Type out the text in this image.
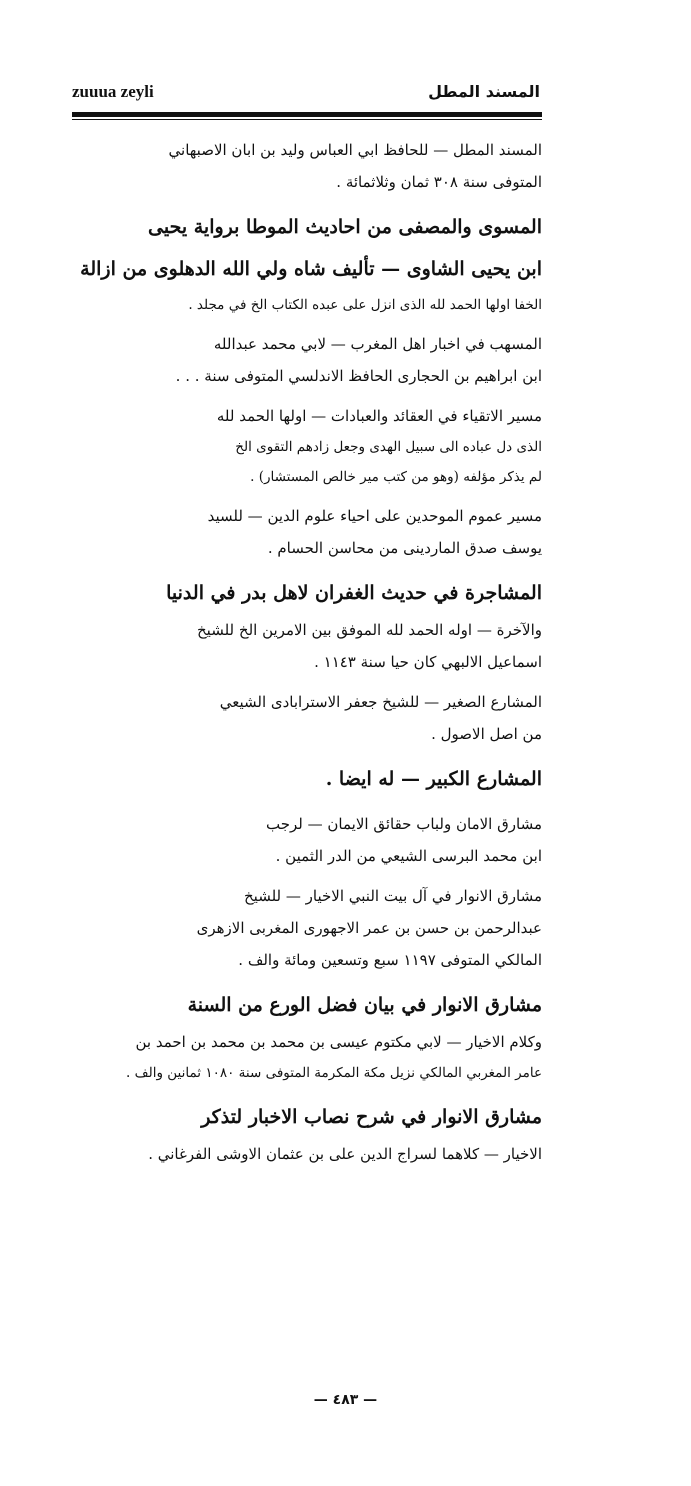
zuuua zeyli	المسند المطل
المسند المطل — للحافظ ابي العباس وليد بن ابان الاصبهاني
المتوفى سنة ٣٠٨ ثمان وثلاثمائة .
المسوى والمصفى من احاديث الموطا برواية يحيى
ابن يحيى الشاوى — تأليف شاه ولي الله الدهلوى من ازالة
الخفا اولها الحمد لله الذى انزل على عبده الكتاب الخ في مجلد .
المسهب في اخبار اهل المغرب — لابي محمد عبدالله
ابن ابراهيم بن الحجارى الحافظ الاندلسي المتوفى سنة . . .
مسير الاتقياء في العقائد والعبادات — اولها الحمد لله
الذى دل عباده الى سبيل الهدى وجعل زادهم التقوى الخ
لم يذكر مؤلفه (وهو من كتب مير خالص المستشار) .
مسير عموم الموحدين على احياء علوم الدين — للسيد
يوسف صدق الماردينى من محاسن الحسام .
المشاجرة في حديث الغفران لاهل بدر في الدنيا
والآخرة — اوله الحمد لله الموفق بين الامرين الخ للشيخ
اسماعيل الالبهي كان حيا سنة ١١٤٣ .
المشارع الصغير — للشيخ جعفر الاسترابادى الشيعي
من اصل الاصول .
المشارع الكبير — له ايضا .
مشارق الامان ولباب حقائق الايمان — لرجب
ابن محمد البرسى الشيعي من الدر الثمين .
مشارق الانوار في آل بيت النبي الاخيار — للشيخ
عبدالرحمن بن حسن بن عمر الاجهورى المغربى الازهرى
المالكي المتوفى ١١٩٧ سبع وتسعين ومائة والف .
مشارق الانوار في بيان فضل الورع من السنة
وكلام الاخيار — لابي مكتوم عيسى بن محمد بن محمد بن احمد بن
عامر المغربي المالكي نزيل مكة المكرمة المتوفى سنة ١٠٨٠ ثمانين والف .
مشارق الانوار في شرح نصاب الاخبار لتذكر
الاخيار — كلاهما لسراج الدين على بن عثمان الاوشى الفرغاني .
— ٤٨٣ —
